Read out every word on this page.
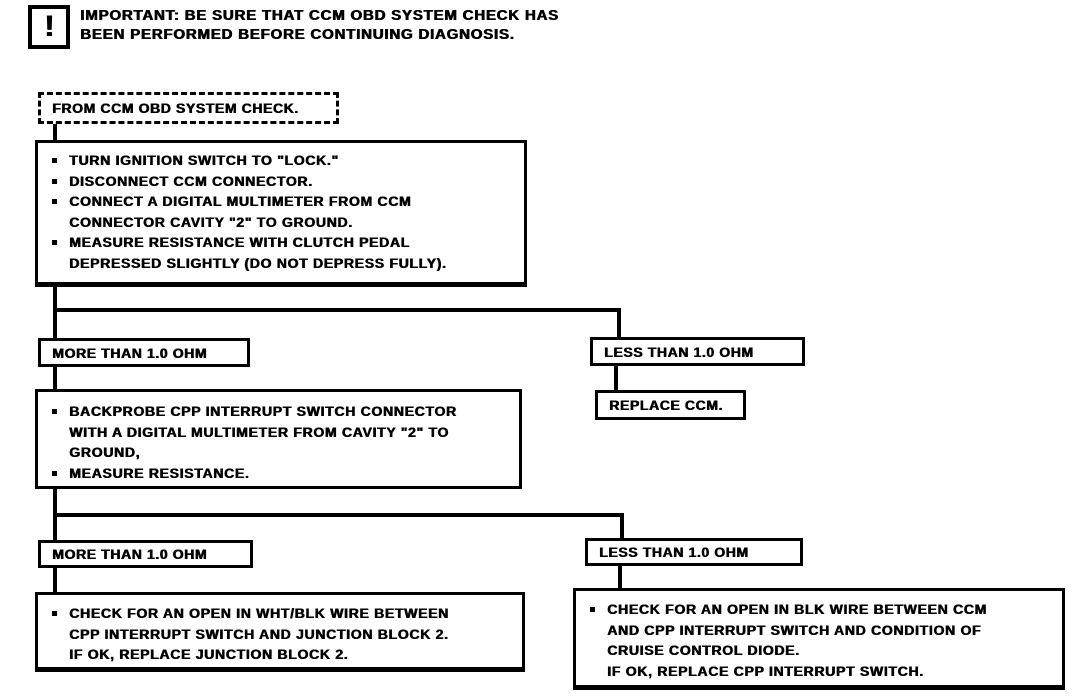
! IMPORTANT: BE SURE THAT CCM OBD SYSTEM CHECK HAS
BEEN PERFORMED BEFORE CONTINUING DIAGNOSIS.
FROM CCM OBD SYSTEM CHECK.
TURN IGNITION SWITCH TO "LOCK."
DISCONNECT CCM CONNECTOR.
CONNECT A DIGITAL MULTIMETER FROM CCM
CONNECTOR CAVITY "2" TO GROUND.
MEASURE RESISTANCE WITH CLUTCH PEDAL
DEPRESSED SLIGHTLY (DO NOT DEPRESS FULLY).
MORE THAN 1.0 OHM	LESS THAN 1.0 OHM
REPLACE CCM.
BACKPROBE CPP INTERRUPT SWITCH CONNECTOR
WITH A DIGITAL MULTIMETER FROM CAVITY "2" TO
GROUND,
MEASURE RESISTANCE.
MORE THAN 1.0 OHM	LESS THAN 1.0 OHM
CHECK FOR AN OPEN IN WHT/BLK WIRE BETWEEN
CPP INTERRUPT SWITCH AND JUNCTION BLOCK 2.
IF OK, REPLACE JUNCTION BLOCK 2.
CHECK FOR AN OPEN IN BLK WIRE BETWEEN CCM
AND CPP INTERRUPT SWITCH AND CONDITION OF
CRUISE CONTROL DIODE.
IF OK, REPLACE CPP INTERRUPT SWITCH.
